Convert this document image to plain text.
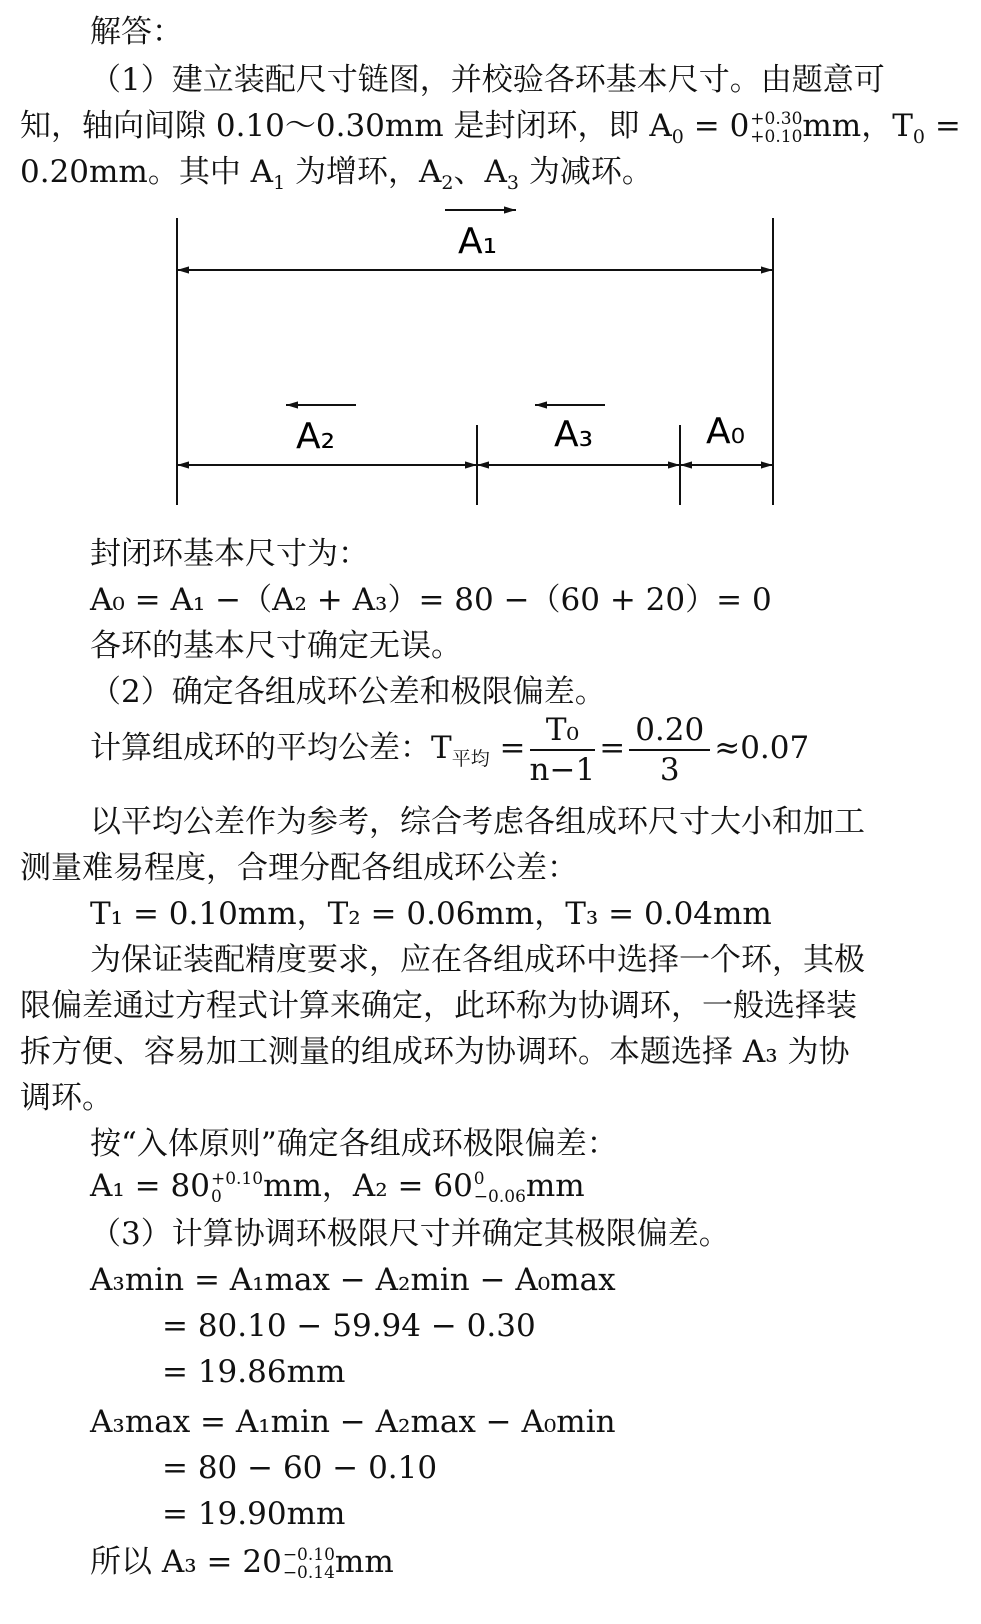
解答：
（1）建立装配尺寸链图，并校验各环基本尺寸。由题意可
知，轴向间隙 0.10～0.30mm 是封闭环，即 $A_0 = 0 +0.30$
+0.10 mm，$T_0$ =
0.20mm。其中 $A_1$ 为增环，$A_2$、$A_3$ 为减环。
A₁
A₂	A₃	A₀
封闭环基本尺寸为：
A₀ = A₁ −（A₂ + A₃）= 80 −（60 + 20）= 0
各环的基本尺寸确定无误。
（2）确定各组成环公差和极限偏差。
计算组成环的平均公差：$T_{平均} = \frac{\text{T₀}}{n-1} = \frac{0.20}{3} \approx 0.07$
以平均公差作为参考，综合考虑各组成环尺寸大小和加工
测量难易程度，合理分配各组成环公差：
T₁ = 0.10mm，T₂ = 0.06mm，T₃ = 0.04mm
为保证装配精度要求，应在各组成环中选择一个环，其极
限偏差通过方程式计算来确定，此环称为协调环，一般选择装
拆方便、容易加工测量的组成环为协调环。本题选择 A₃ 为协
调环。
按“入体原则”确定各组成环极限偏差：
A₁ = 80 +0.10
0	mm，A₂ = 60 0
−0.06 mm
（3）计算协调环极限尺寸并确定其极限偏差。
A₃min = A₁max − A₂min − A₀max
= 80.10 − 59.94 − 0.30
= 19.86mm
A₃max = A₁min − A₂max − A₀min
= 80 − 60 − 0.10
= 19.90mm
所以 A₃ = 20 −0.10
−0.14 mm
